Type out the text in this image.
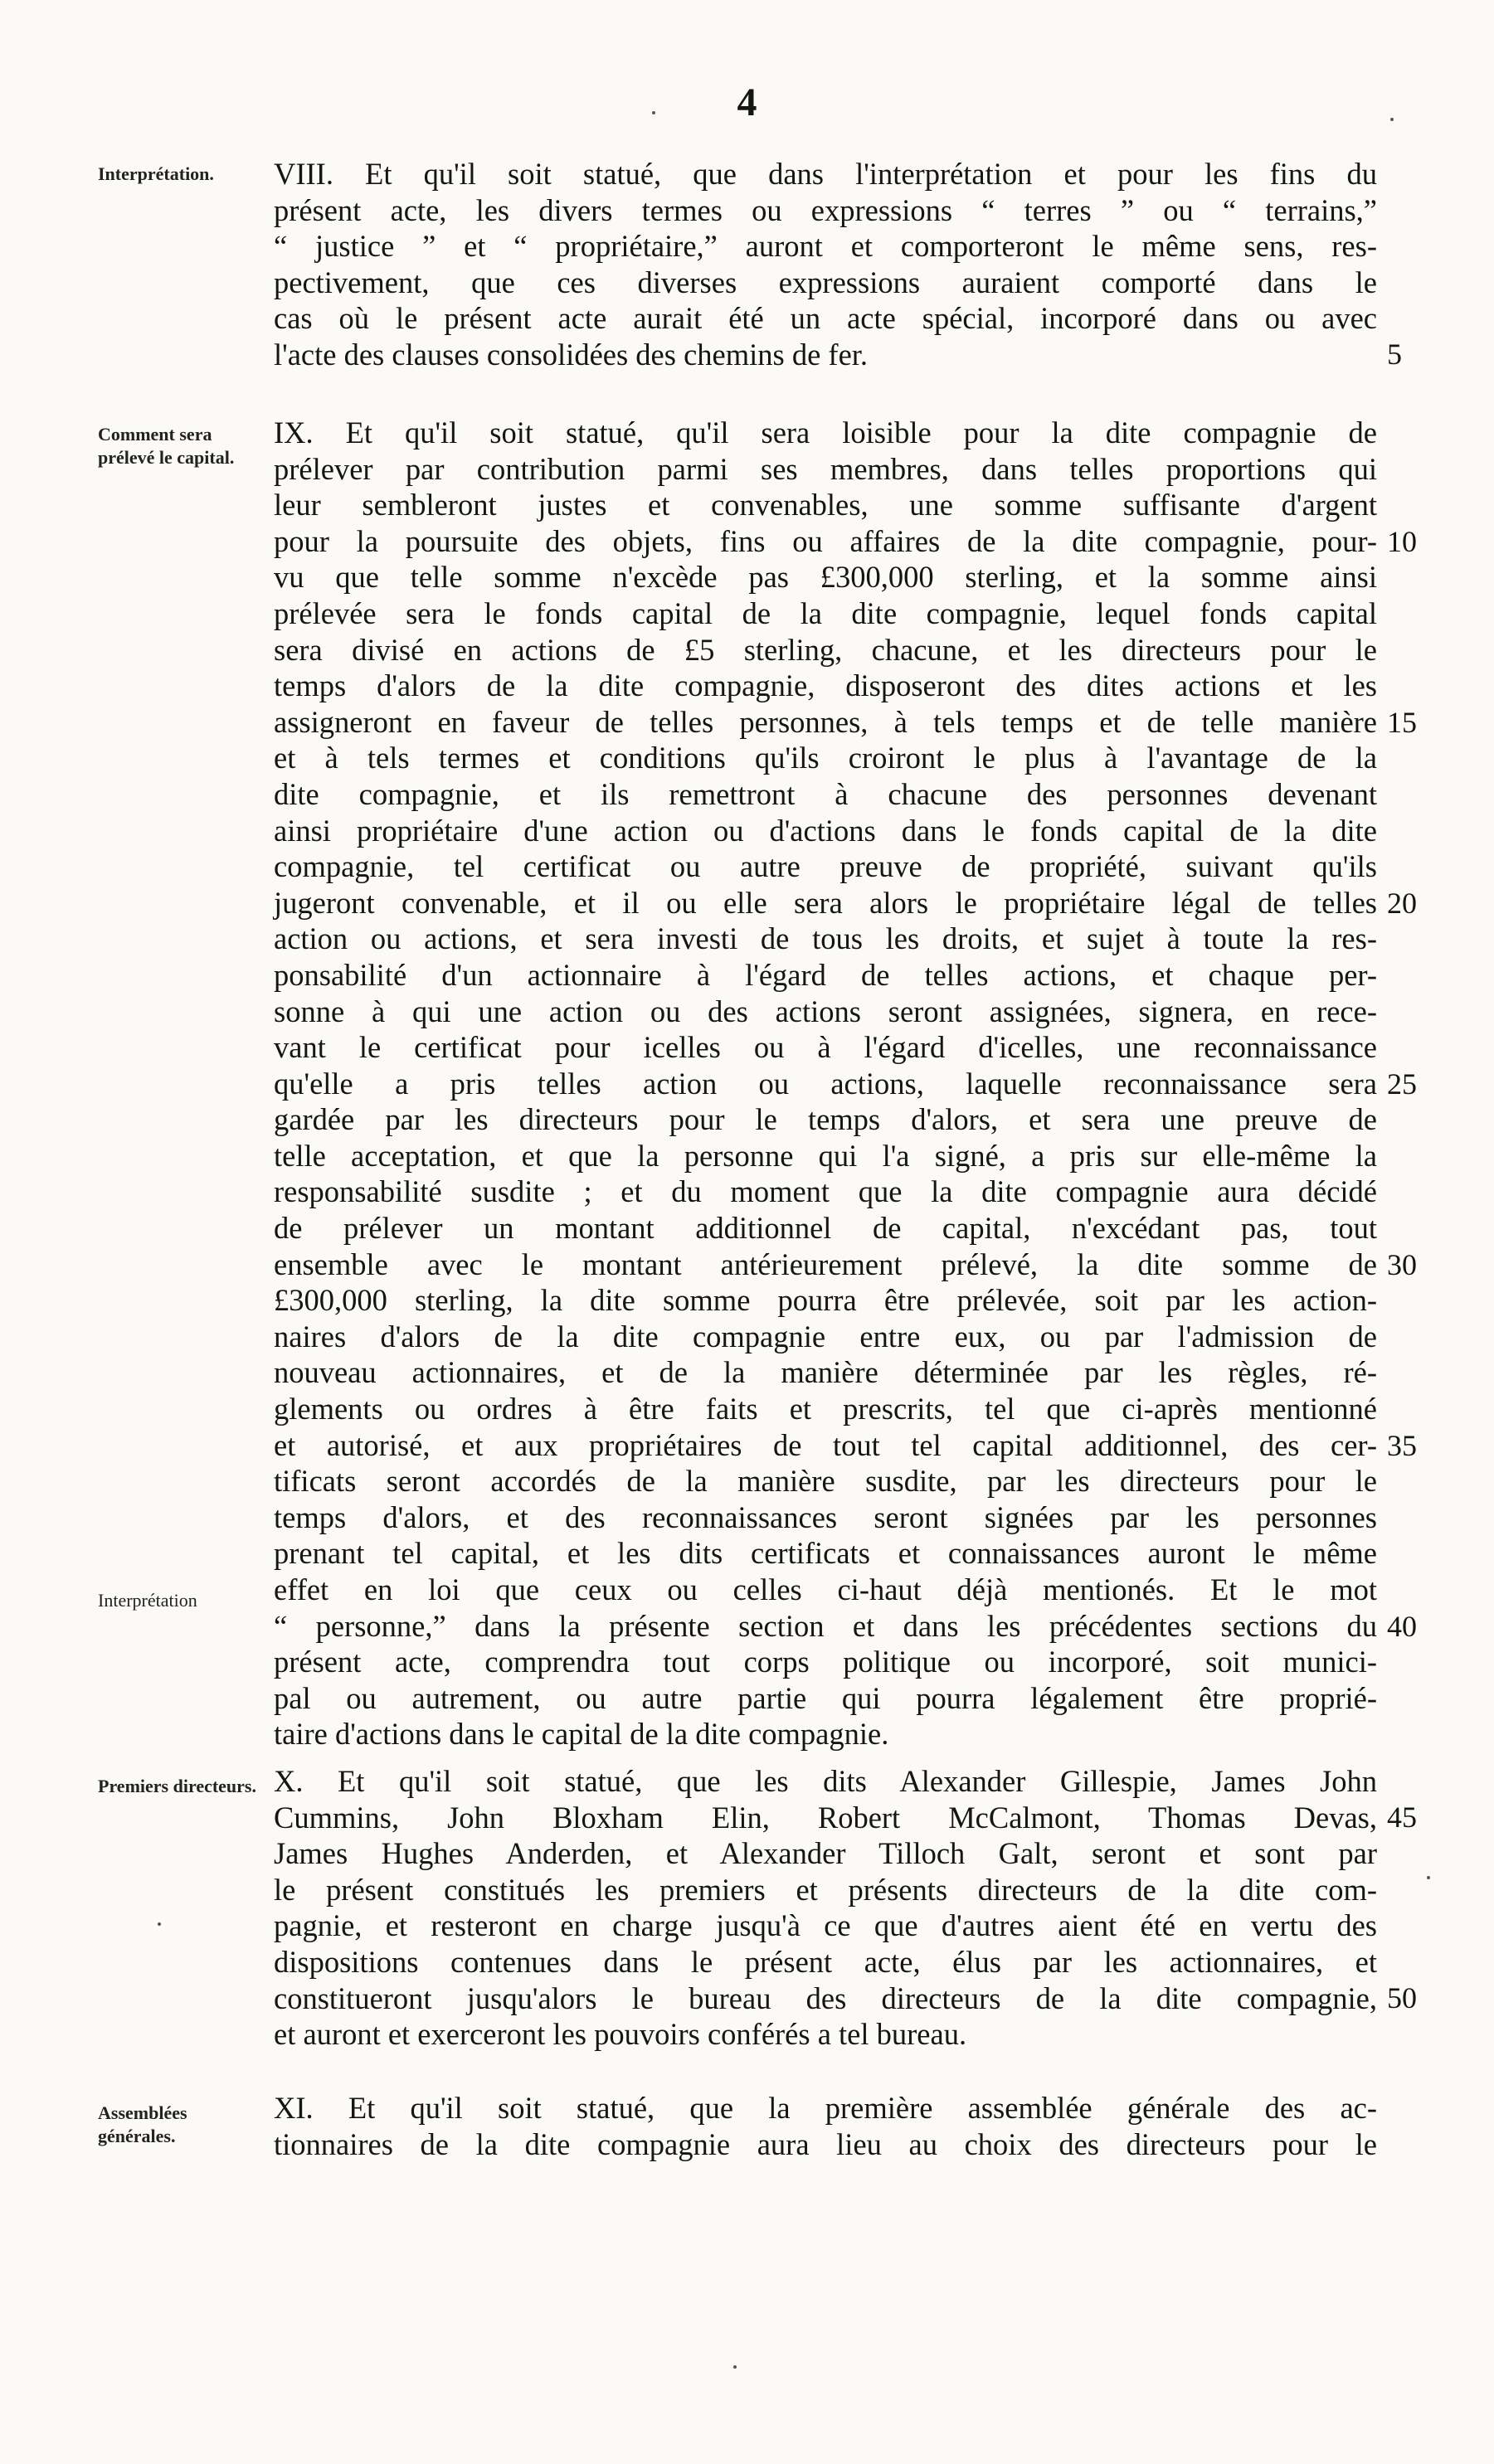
4
Interprétation.	VIII. Et qu'il soit statué, que dans l'interprétation et pour les fins du
présent acte, les divers termes ou expressions “ terres ” ou “ terrains,”
“ justice ” et “ propriétaire,” auront et comporteront le même sens, res-
pectivement, que ces diverses expressions auraient comporté dans le
cas où le présent acte aurait été un acte spécial, incorporé dans ou avec
l'acte des clauses consolidées des chemins de fer.
Comment sera prélevé le capital.
Interprétation
IX. Et qu'il soit statué, qu'il sera loisible pour la dite compagnie de
prélever par contribution parmi ses membres, dans telles proportions qui
leur sembleront justes et convenables, une somme suffisante d'argent
pour la poursuite des objets, fins ou affaires de la dite compagnie, pour-
vu que telle somme n'excède pas £300,000 sterling, et la somme ainsi
prélevée sera le fonds capital de la dite compagnie, lequel fonds capital
sera divisé en actions de £5 sterling, chacune, et les directeurs pour le
temps d'alors de la dite compagnie, disposeront des dites actions et les
assigneront en faveur de telles personnes, à tels temps et de telle manière
et à tels termes et conditions qu'ils croiront le plus à l'avantage de la
dite compagnie, et ils remettront à chacune des personnes devenant
ainsi propriétaire d'une action ou d'actions dans le fonds capital de la dite
compagnie, tel certificat ou autre preuve de propriété, suivant qu'ils
jugeront convenable, et il ou elle sera alors le propriétaire légal de telles
action ou actions, et sera investi de tous les droits, et sujet à toute la res-
ponsabilité d'un actionnaire à l'égard de telles actions, et chaque per-
sonne à qui une action ou des actions seront assignées, signera, en rece-
vant le certificat pour icelles ou à l'égard d'icelles, une reconnaissance
qu'elle a pris telles action ou actions, laquelle reconnaissance sera
gardée par les directeurs pour le temps d'alors, et sera une preuve de
telle acceptation, et que la personne qui l'a signé, a pris sur elle-même la
responsabilité susdite ; et du moment que la dite compagnie aura décidé
de prélever un montant additionnel de capital, n'excédant pas, tout
ensemble avec le montant antérieurement prélevé, la dite somme de
£300,000 sterling, la dite somme pourra être prélevée, soit par les action-
naires d'alors de la dite compagnie entre eux, ou par l'admission de
nouveau actionnaires, et de la manière déterminée par les règles, ré-
glements ou ordres à être faits et prescrits, tel que ci-après mentionné
et autorisé, et aux propriétaires de tout tel capital additionnel, des cer-
tificats seront accordés de la manière susdite, par les directeurs pour le
temps d'alors, et des reconnaissances seront signées par les personnes
prenant tel capital, et les dits certificats et connaissances auront le même
effet en loi que ceux ou celles ci-haut déjà mentionés. Et le mot
“ personne,” dans la présente section et dans les précédentes sections du
présent acte, comprendra tout corps politique ou incorporé, soit munici-
pal ou autrement, ou autre partie qui pourra légalement être proprié-
taire d'actions dans le capital de la dite compagnie.
Premiers directeurs. X. Et qu'il soit statué, que les dits Alexander Gillespie, James John
Cummins, John Bloxham Elin, Robert McCalmont, Thomas Devas,
James Hughes Anderden, et Alexander Tilloch Galt, seront et sont par
le présent constitués les premiers et présents directeurs de la dite com-
pagnie, et resteront en charge jusqu'à ce que d'autres aient été en vertu des
dispositions contenues dans le présent acte, élus par les actionnaires, et
constitueront jusqu'alors le bureau des directeurs de la dite compagnie,
et auront et exerceront les pouvoirs conférés a tel bureau.
Assemblées générales.
XI. Et qu'il soit statué, que la première assemblée générale des ac-
tionnaires de la dite compagnie aura lieu au choix des directeurs pour le
5
10
15
20
25
30
35
40
45
50
